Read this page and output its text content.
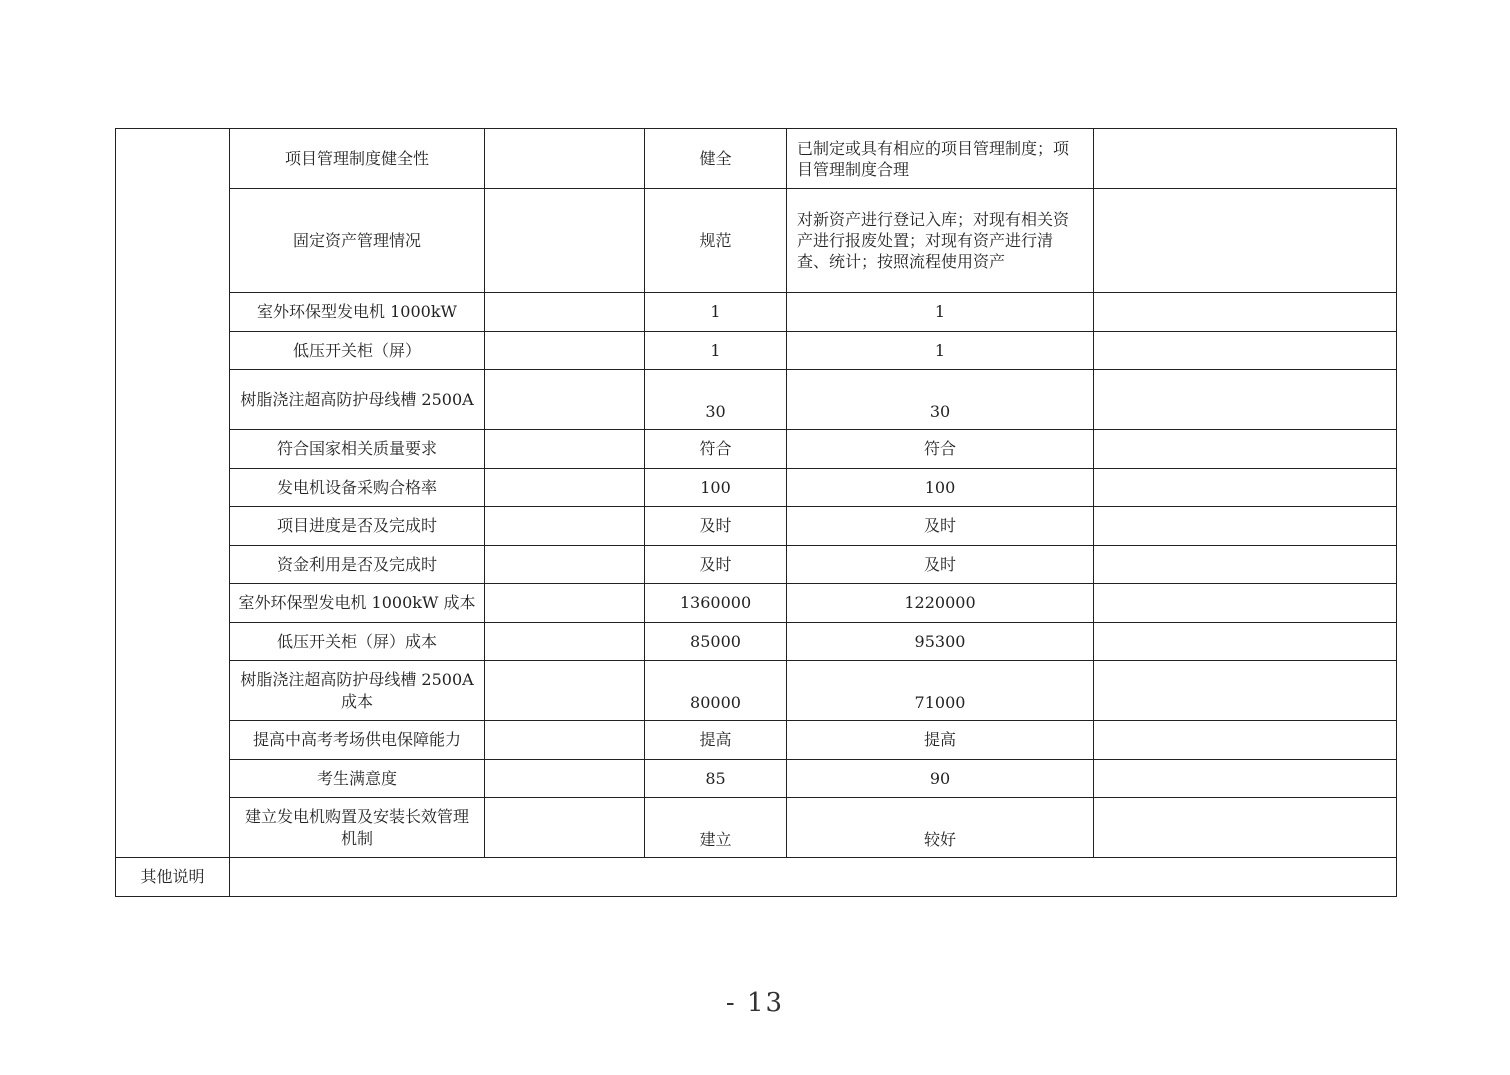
	项目管理制度健全性		健全	已制定或具有相应的项目管理制度；项目管理制度合理	
	固定资产管理情况		规范	对新资产进行登记入库；对现有相关资产进行报废处置；对现有资产进行清查、统计；按照流程使用资产	
	室外环保型发电机 1000kW		1	1	
	低压开关柜（屏）		1	1	
	树脂浇注超高防护母线槽 2500A		30	30	
	符合国家相关质量要求		符合	符合	
	发电机设备采购合格率		100	100	
	项目进度是否及完成时		及时	及时	
	资金利用是否及完成时		及时	及时	
	室外环保型发电机 1000kW 成本		1360000	1220000	
	低压开关柜（屏）成本		85000	95300	
	树脂浇注超高防护母线槽 2500A 成本		80000	71000	
	提高中高考考场供电保障能力		提高	提高	
	考生满意度		85	90	
	建立发电机购置及安装长效管理机制		建立	较好	
其他说明					
- 13
